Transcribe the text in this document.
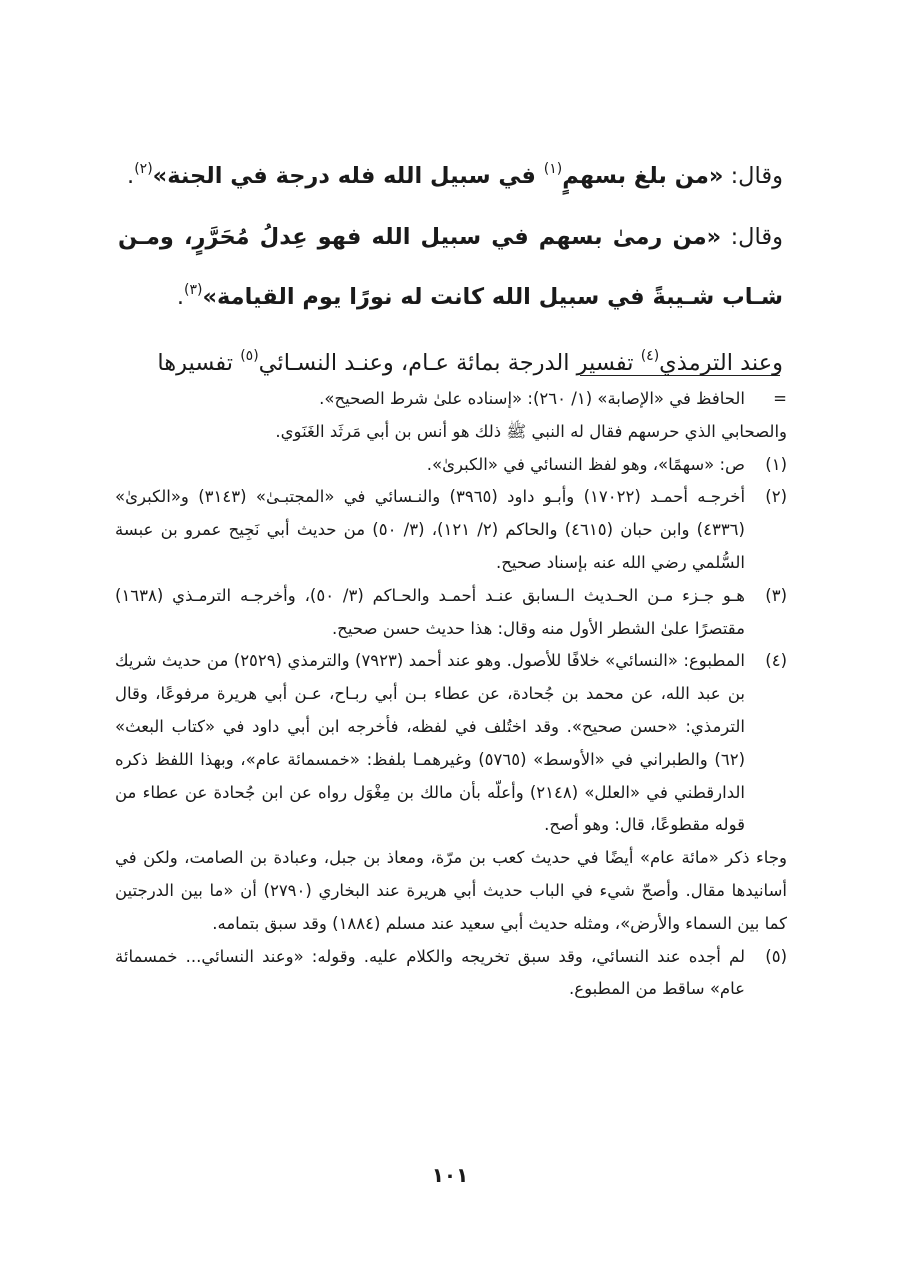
وقال: «من بلغ بسهمٍ$^{(١)}$ في سبيل الله فله درجة في الجنة»$^{(٢)}$.

وقال: «من رمىٰ بسهم في سبيل الله فهو عِدلُ مُحَرَّرٍ، ومـن شـاب شـيبةً في سبيل الله كانت له نورًا يوم القيامة»$^{(٣)}$.

وعند الترمذي$^{(٤)}$ تفسير الدرجة بمائة عـام، وعنـد النسـائي$^{(٥)}$ تفسيرها

=
الحافظ في «الإصابة» (١/ ٢٦٠): «إسناده علىٰ شرط الصحيح».
والصحابي الذي حرسهم فقال له النبي ﷺ ذلك هو أنس بن أبي مَرثَد الغَنَوي.
(١)
ص: «سهمًا»، وهو لفظ النسائي في «الكبرىٰ».
(٢)
أخرجـه أحمـد (١٧٠٢٢) وأبـو داود (٣٩٦٥) والنـسائي في «المجتبـىٰ» (٣١٤٣) و«الكبرىٰ» (٤٣٣٦) وابن حبان (٤٦١٥) والحاكم (٢/ ١٢١)، (٣/ ٥٠) من حديث أبي نَجِيح عمرو بن عبسة السُّلمي رضي الله عنه بإسناد صحيح.
(٣)
هـو جـزء مـن الحـديث الـسابق عنـد أحمـد والحـاكم (٣/ ٥٠)، وأخرجـه الترمـذي (١٦٣٨) مقتصرًا علىٰ الشطر الأول منه وقال: هذا حديث حسن صحيح.
(٤)
المطبوع: «النسائي» خلافًا للأصول. وهو عند أحمد (٧٩٢٣) والترمذي (٢٥٢٩) من حديث شريك بن عبد الله، عن محمد بن جُحادة، عن عطاء بـن أبي ربـاح، عـن أبي هريرة مرفوعًا، وقال الترمذي: «حسن صحيح». وقد اختُلف في لفظه، فأخرجه ابن أبي داود في «كتاب البعث» (٦٢) والطبراني في «الأوسط» (٥٧٦٥) وغيرهمـا بلفظ: «خمسمائة عام»، وبهذا اللفظ ذكره الدارقطني في «العلل» (٢١٤٨) وأعلّه بأن مالك بن مِغْوَل رواه عن ابن جُحادة عن عطاء من قوله مقطوعًا، قال: وهو أصح.
وجاء ذكر «مائة عام» أيضًا في حديث كعب بن مرّة، ومعاذ بن جبل، وعبادة بن الصامت، ولكن في أسانيدها مقال. وأصحّ شيء في الباب حديث أبي هريرة عند البخاري (٢٧٩٠) أن «ما بين الدرجتين كما بين السماء والأرض»، ومثله حديث أبي سعيد عند مسلم (١٨٨٤) وقد سبق بتمامه.
(٥)
لم أجده عند النسائي، وقد سبق تخريجه والكلام عليه. وقوله: «وعند النسائي... خمسمائة عام» ساقط من المطبوع.
١٠١
